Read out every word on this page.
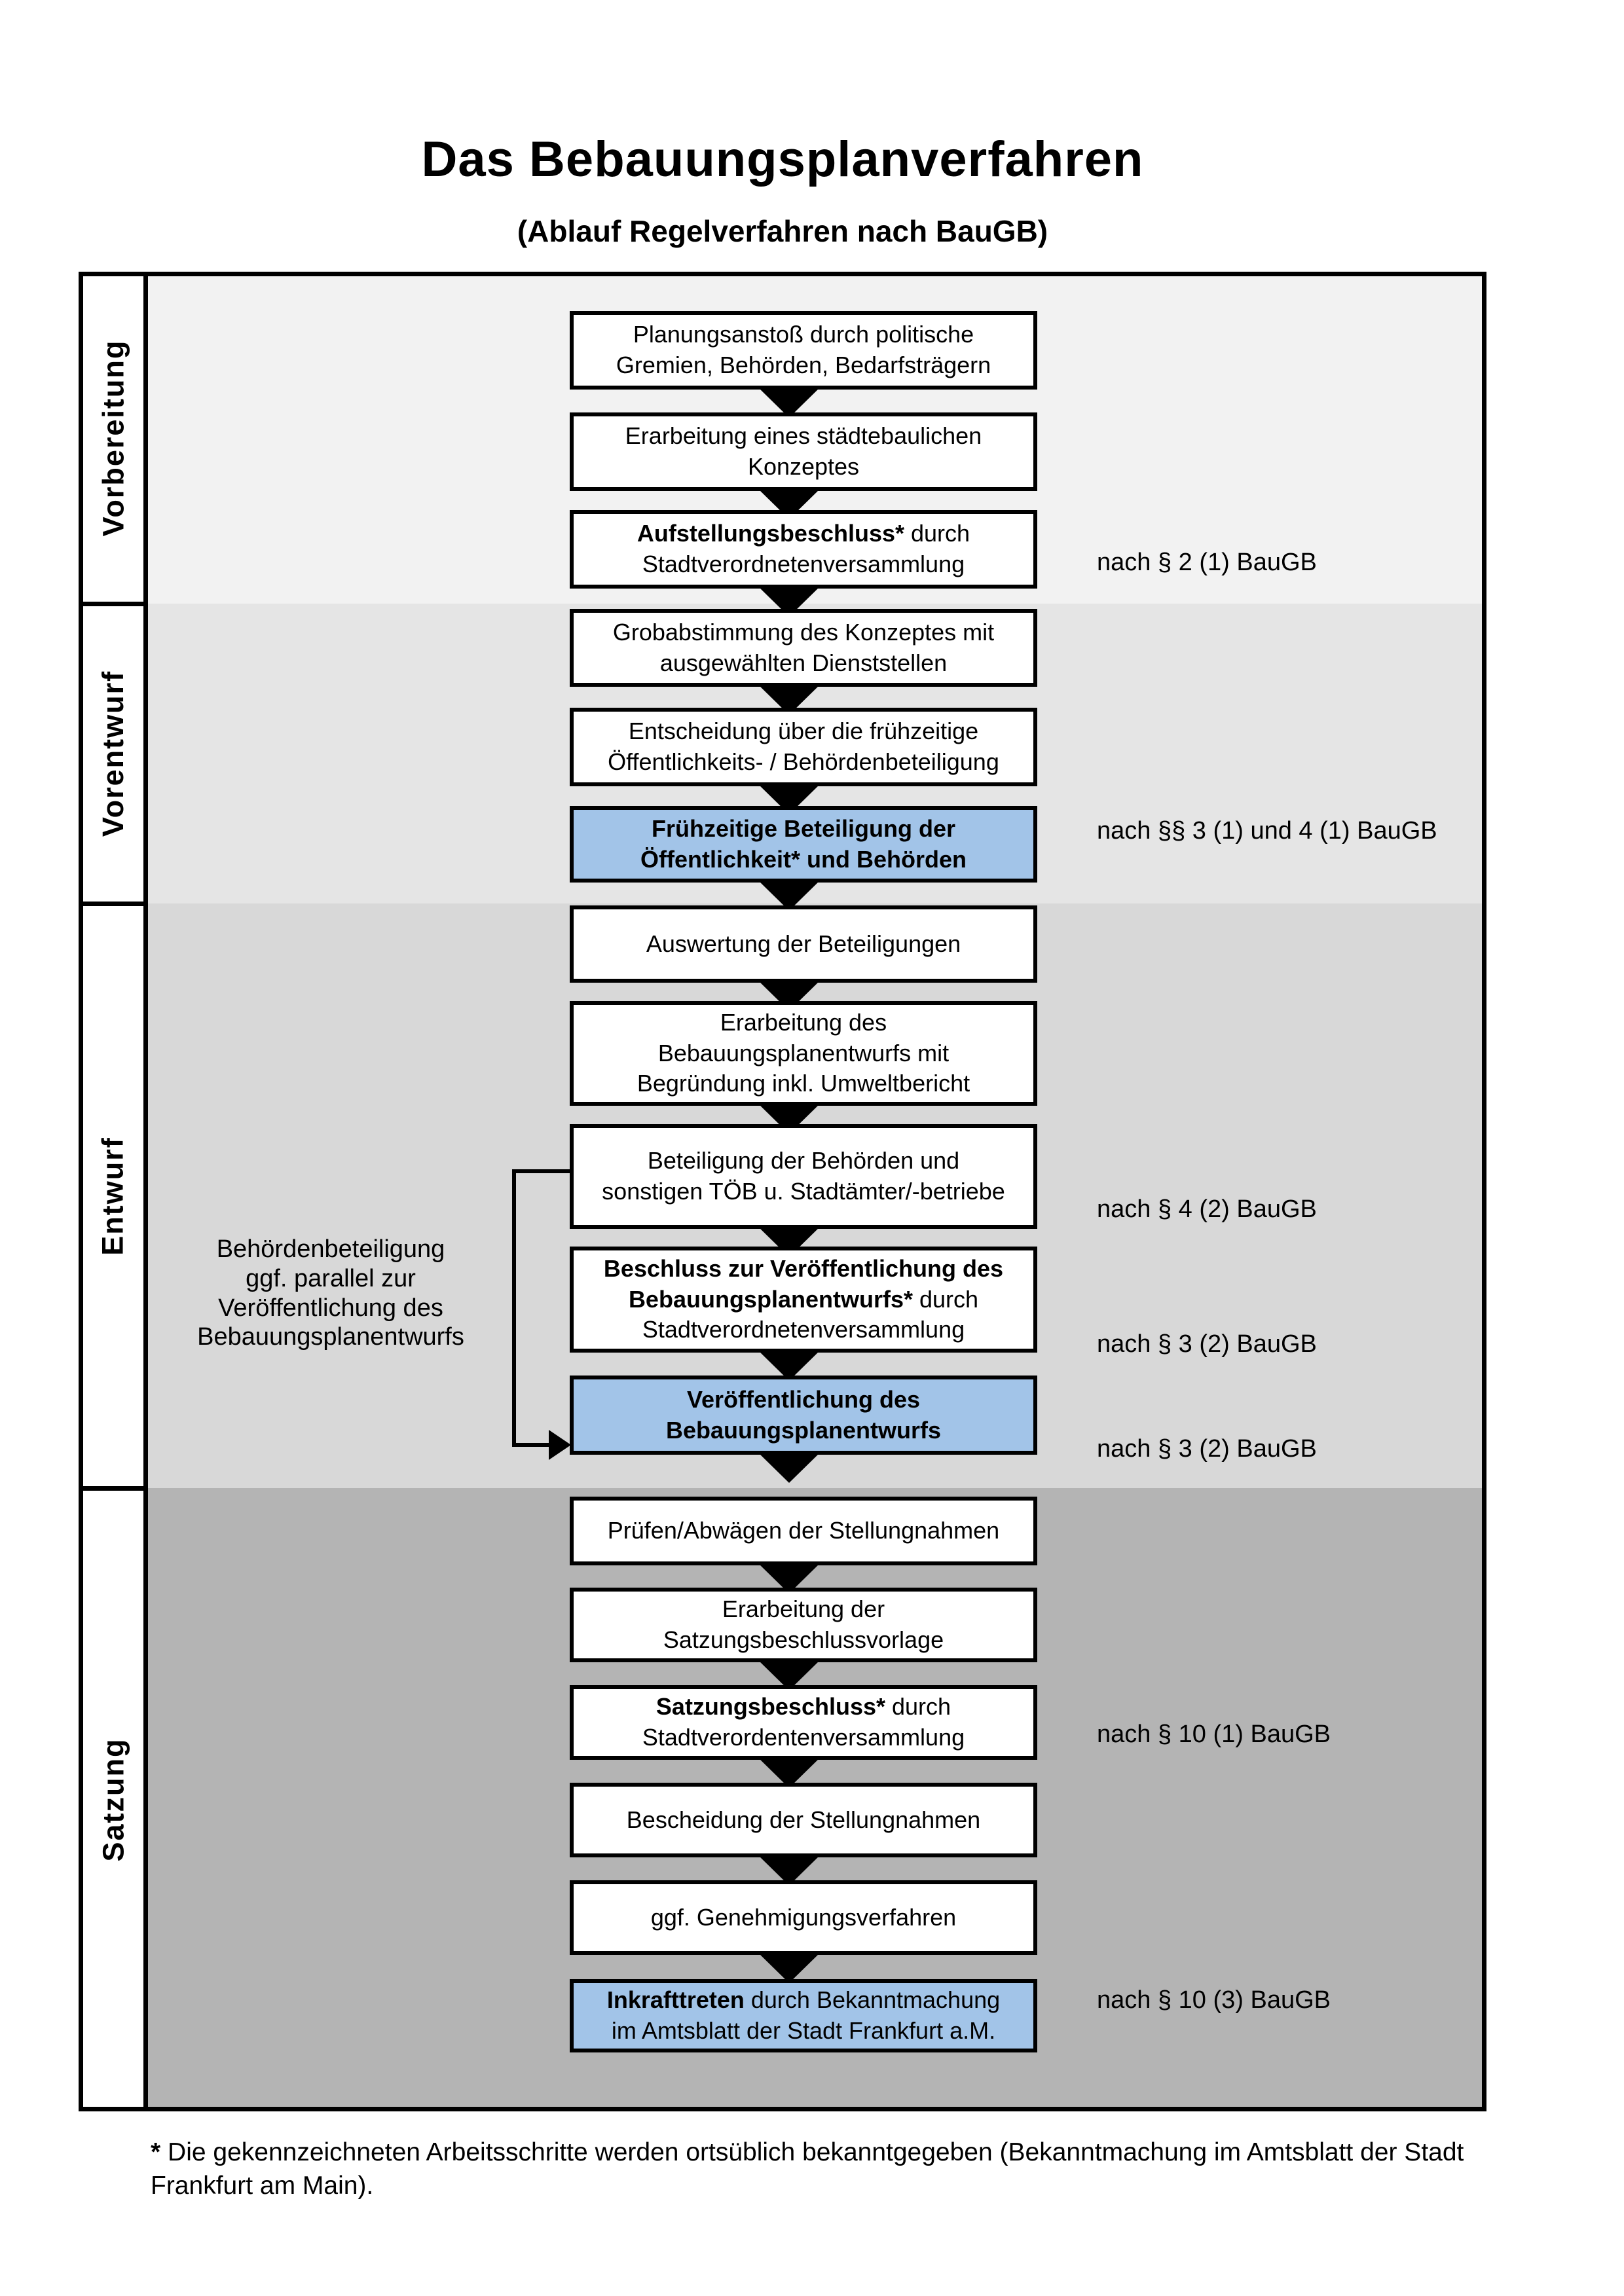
Das Bebauungsplanverfahren
(Ablauf Regelverfahren nach BauGB)
Behördenbeteiligung
ggf. parallel zur
Veröffentlichung des
Bebauungsplanentwurfs
Planungsanstoß durch politische
Gremien, Behörden, Bedarfsträgern
Erarbeitung eines städtebaulichen
Konzeptes
Aufstellungsbeschluss* durch
Stadtverordnetenversammlung
Grobabstimmung des Konzeptes mit
ausgewählten Dienststellen
Entscheidung über die frühzeitige
Öffentlichkeits- / Behördenbeteiligung
Frühzeitige Beteiligung der
Öffentlichkeit* und Behörden
Auswertung der Beteiligungen
Erarbeitung des
Bebauungsplanentwurfs mit
Begründung inkl. Umweltbericht
Beteiligung der Behörden und
sonstigen TÖB u. Stadtämter/-betriebe
Beschluss zur Veröffentlichung des
Bebauungsplanentwurfs* durch
Stadtverordnetenversammlung
Veröffentlichung des
Bebauungsplanentwurfs
Prüfen/Abwägen der Stellungnahmen
Erarbeitung der
Satzungsbeschlussvorlage
Satzungsbeschluss* durch
Stadtverordentenversammlung
Bescheidung der Stellungnahmen
ggf. Genehmigungsverfahren
Inkrafttreten durch Bekanntmachung
im Amtsblatt der Stadt Frankfurt a.M.
nach § 2 (1) BauGB
nach §§ 3 (1) und 4 (1) BauGB
nach § 4 (2) BauGB
nach § 3 (2) BauGB
nach § 3 (2) BauGB
nach § 10 (1) BauGB
nach § 10 (3) BauGB
Vorbereitung
Vorentwurf
Entwurf
Satzung
* Die gekennzeichneten Arbeitsschritte werden ortsüblich bekanntgegeben (Bekanntmachung im Amtsblatt der Stadt
Frankfurt am Main).
